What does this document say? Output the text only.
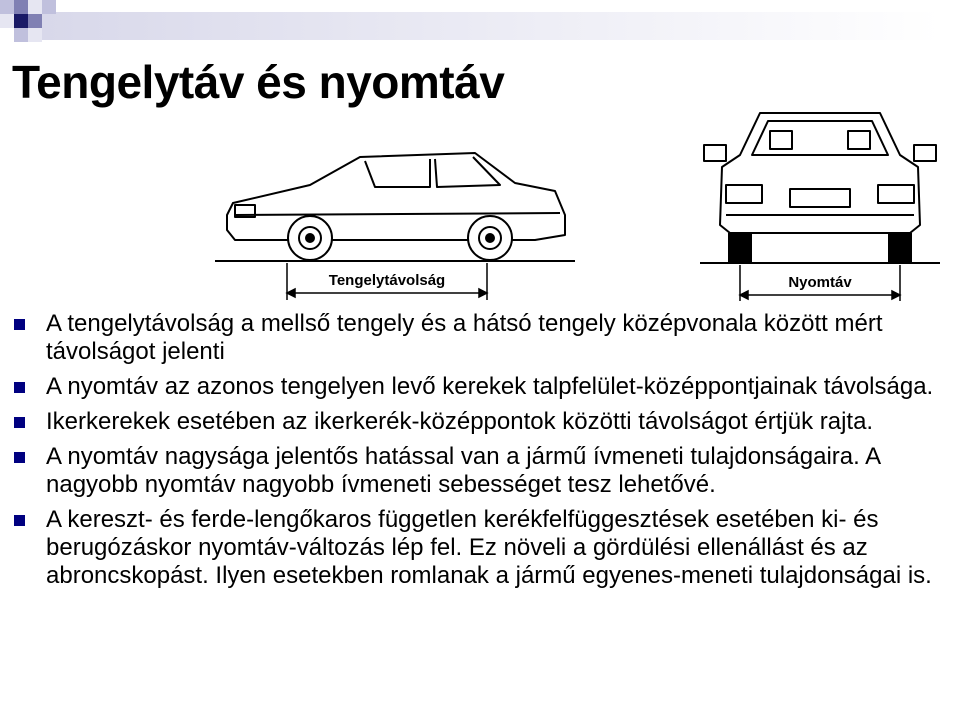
Tengelytáv és nyomtáv
Tengelytávolság	Nyomtáv
A tengelytávolság a mellső tengely és a hátsó tengely középvonala között mért távolságot jelenti
A nyomtáv az azonos tengelyen levő kerekek talpfelület-középpontjainak távolsága.
Ikerkerekek esetében az ikerkerék-középpontok közötti távolságot értjük rajta.
A nyomtáv nagysága jelentős hatással van a jármű ívmeneti tulajdonságaira. A nagyobb nyomtáv nagyobb ívmeneti sebességet tesz lehetővé.
A kereszt- és ferde-lengőkaros független kerékfelfüggesztések esetében ki- és berugózáskor nyomtáv-változás lép fel. Ez növeli a gördülési ellenállást és az abroncskopást. Ilyen esetekben romlanak a jármű egyenes-meneti tulajdonságai is.
